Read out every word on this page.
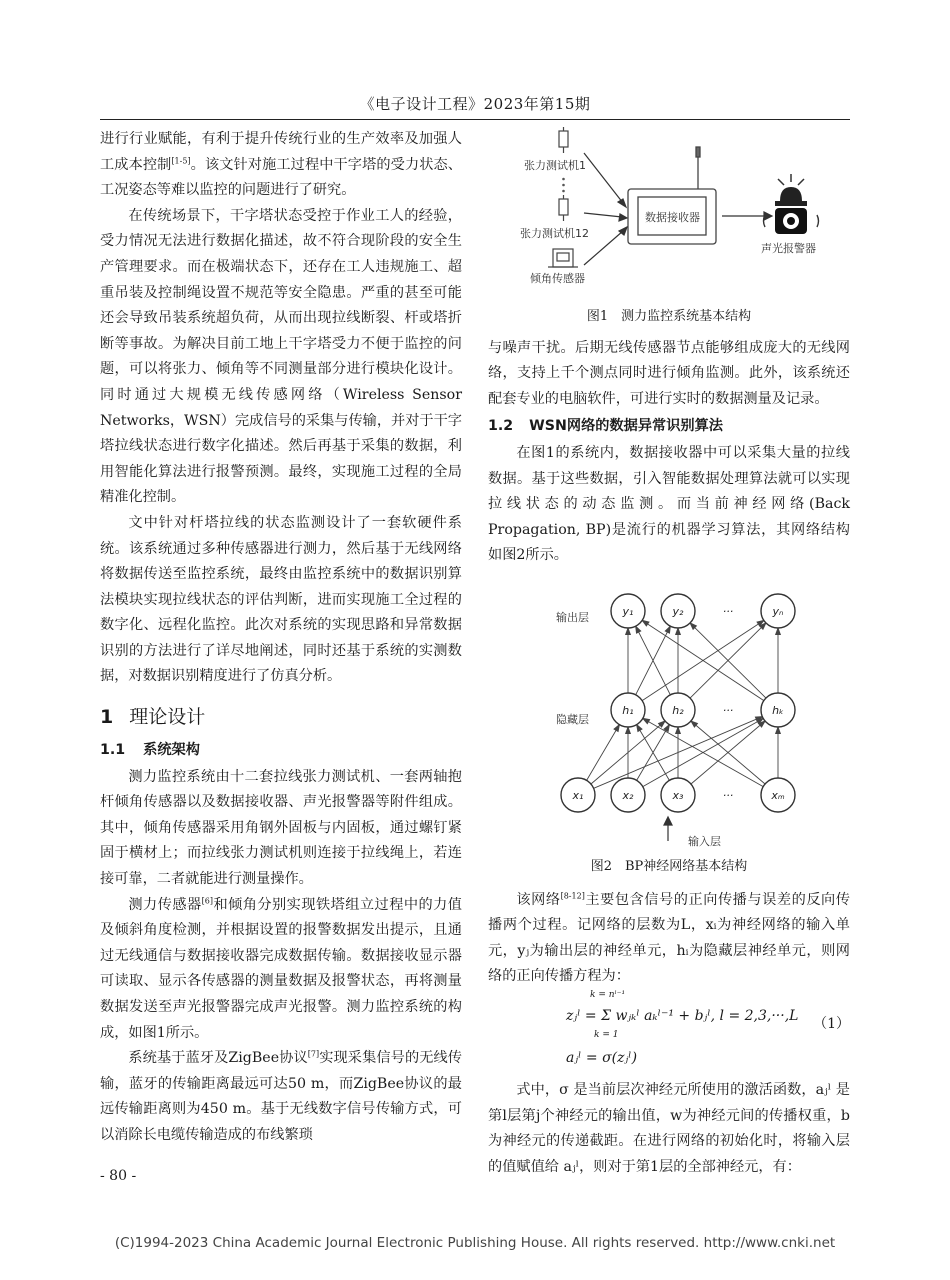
《电子设计工程》2023年第15期

进行行业赋能，有利于提升传统行业的生产效率及加强人工成本控制[1-5]。该文针对施工过程中干字塔的受力状态、工况姿态等难以监控的问题进行了研究。

在传统场景下，干字塔状态受控于作业工人的经验，受力情况无法进行数据化描述，故不符合现阶段的安全生产管理要求。而在极端状态下，还存在工人违规施工、超重吊装及控制绳设置不规范等安全隐患。严重的甚至可能还会导致吊装系统超负荷，从而出现拉线断裂、杆或塔折断等事故。为解决目前工地上干字塔受力不便于监控的问题，可以将张力、倾角等不同测量部分进行模块化设计。同时通过大规模无线传感网络（Wireless Sensor Networks，WSN）完成信号的采集与传输，并对于干字塔拉线状态进行数字化描述。然后再基于采集的数据，利用智能化算法进行报警预测。最终，实现施工过程的全局精准化控制。

文中针对杆塔拉线的状态监测设计了一套软硬件系统。该系统通过多种传感器进行测力，然后基于无线网络将数据传送至监控系统，最终由监控系统中的数据识别算法模块实现拉线状态的评估判断，进而实现施工全过程的数字化、远程化监控。此次对系统的实现思路和异常数据识别的方法进行了详尽地阐述，同时还基于系统的实测数据，对数据识别精度进行了仿真分析。

1 理论设计
1.1 系统架构

测力监控系统由十二套拉线张力测试机、一套两轴抱杆倾角传感器以及数据接收器、声光报警器等附件组成。其中，倾角传感器采用角钢外固板与内固板，通过螺钉紧固于横材上；而拉线张力测试机则连接于拉线绳上，若连接可靠，二者就能进行测量操作。

测力传感器[6]和倾角分别实现铁塔组立过程中的力值及倾斜角度检测，并根据设置的报警数据发出提示，且通过无线通信与数据接收器完成数据传输。数据接收显示器可读取、显示各传感器的测量数据及报警状态，再将测量数据发送至声光报警器完成声光报警。测力监控系统的构成，如图1所示。

系统基于蓝牙及ZigBee协议[7]实现采集信号的无线传输，蓝牙的传输距离最远可达50 m，而ZigBee协议的最远传输距离则为450 m。基于无线数字信号传输方式，可以消除长电缆传输造成的布线繁琐

- 80 -
张力测试机1
张力测试机12
倾角传感器
数据接收器
声光报警器
图1　测力监控系统基本结构

与噪声干扰。后期无线传感器节点能够组成庞大的无线网络，支持上千个测点同时进行倾角监测。此外，该系统还配套专业的电脑软件，可进行实时的数据测量及记录。

1.2 WSN网络的数据异常识别算法

在图1的系统内，数据接收器中可以采集大量的拉线数据。基于这些数据，引入智能数据处理算法就可以实现拉线状态的动态监测。而当前神经网络(Back Propagation, BP)是流行的机器学习算法，其网络结构如图2所示。

y₁	y₂	···	yₙ
h₁	h₂	···	hₖ
x₁	x₂	x₃	···	xₘ
输出层
隐藏层
输入层
图2　BP神经网络基本结构

该网络[8-12]主要包含信号的正向传播与误差的反向传播两个过程。记网络的层数为L，xᵢ为神经网络的输入单元，yⱼ为输出层的神经单元，hᵢ为隐藏层神经单元，则网络的正向传播方程为：

k = nˡ⁻¹
zⱼˡ = Σ wⱼₖˡ aₖˡ⁻¹ + bⱼˡ, l = 2,3,···,L
k = 1
aⱼˡ = σ(zⱼˡ)
（1）

式中，σ 是当前层次神经元所使用的激活函数，aⱼˡ 是第l层第j个神经元的输出值，w为神经元间的传播权重，b为神经元的传递截距。在进行网络的初始化时，将输入层的值赋值给 aⱼˡ，则对于第1层的全部神经元，有：

(C)1994-2023 China Academic Journal Electronic Publishing House. All rights reserved. http://www.cnki.net
